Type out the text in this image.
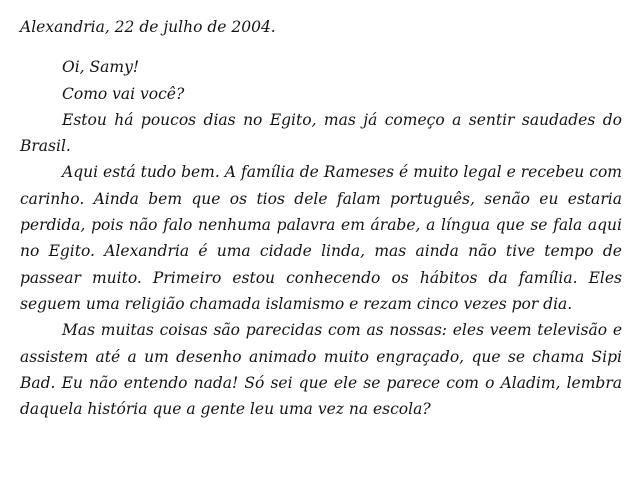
Alexandria, 22 de julho de 2004.
Oi, Samy!
Como vai você?

Estou há poucos dias no Egito, mas já começo a sentir saudades do Brasil.

Aqui está tudo bem. A família de Rameses é muito legal e recebeu com carinho. Ainda bem que os tios dele falam português, senão eu estaria perdida, pois não falo nenhuma palavra em árabe, a língua que se fala aqui no Egito. Alexandria é uma cidade linda, mas ainda não tive tempo de passear muito. Primeiro estou conhecendo os hábitos da família. Eles seguem uma religião chamada islamismo e rezam cinco vezes por dia.

Mas muitas coisas são parecidas com as nossas: eles veem televisão e assistem até a um desenho animado muito engraçado, que se chama Sipi Bad. Eu não entendo nada! Só sei que ele se parece com o Aladim, lembra daquela história que a gente leu uma vez na escola?
